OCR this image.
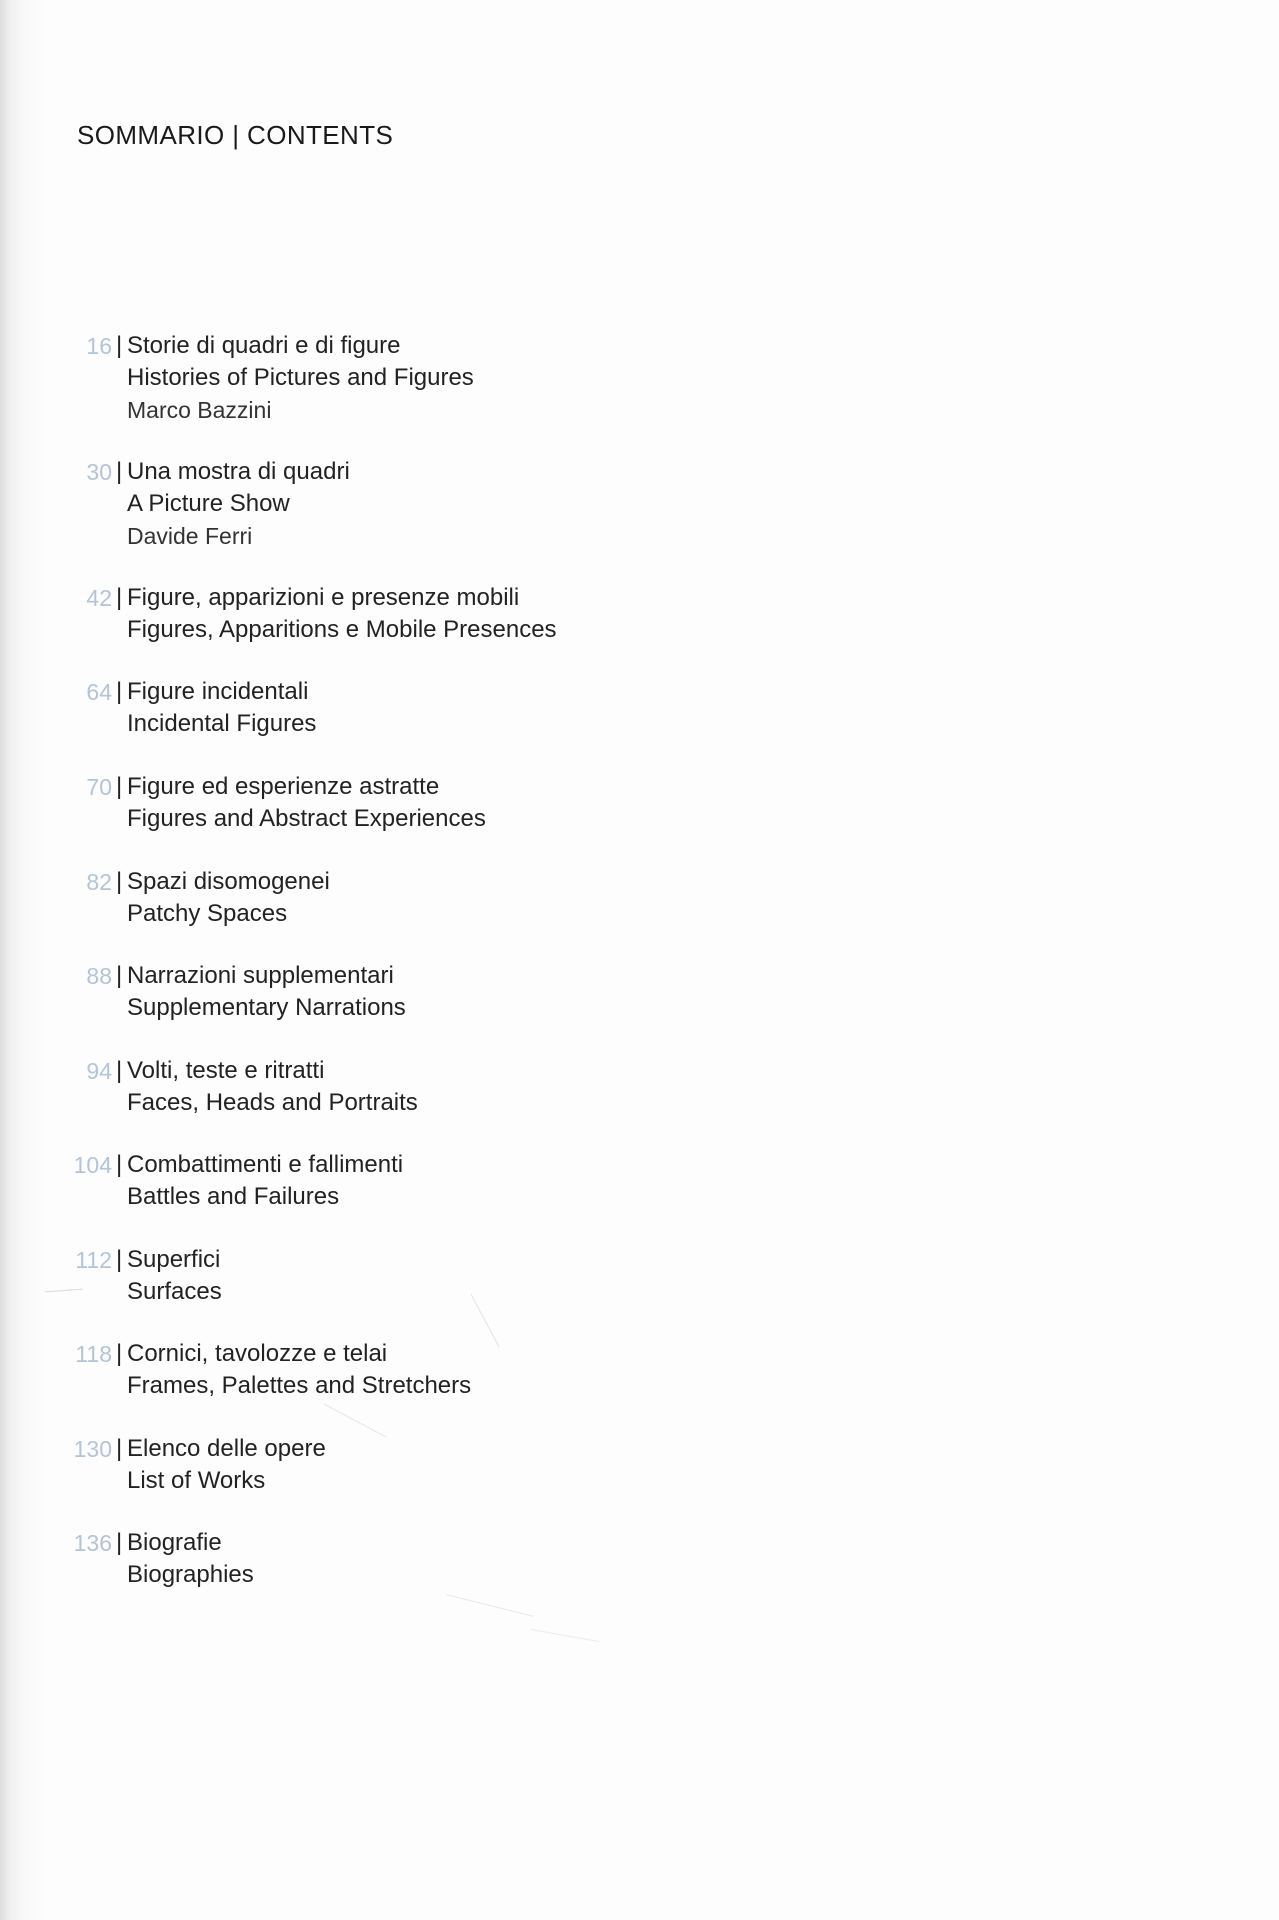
SOMMARIO | CONTENTS
16 | Storie di quadri e di figure
Histories of Pictures and Figures
Marco Bazzini
30 | Una mostra di quadri
A Picture Show
Davide Ferri
42 | Figure, apparizioni e presenze mobili
Figures, Apparitions e Mobile Presences
64 | Figure incidentali
Incidental Figures
70 | Figure ed esperienze astratte
Figures and Abstract Experiences
82 | Spazi disomogenei
Patchy Spaces
88 | Narrazioni supplementari
Supplementary Narrations
94 | Volti, teste e ritratti
Faces, Heads and Portraits
104 | Combattimenti e fallimenti
Battles and Failures
112 | Superfici
Surfaces
118 | Cornici, tavolozze e telai
Frames, Palettes and Stretchers
130 | Elenco delle opere
List of Works
136 | Biografie
Biographies
